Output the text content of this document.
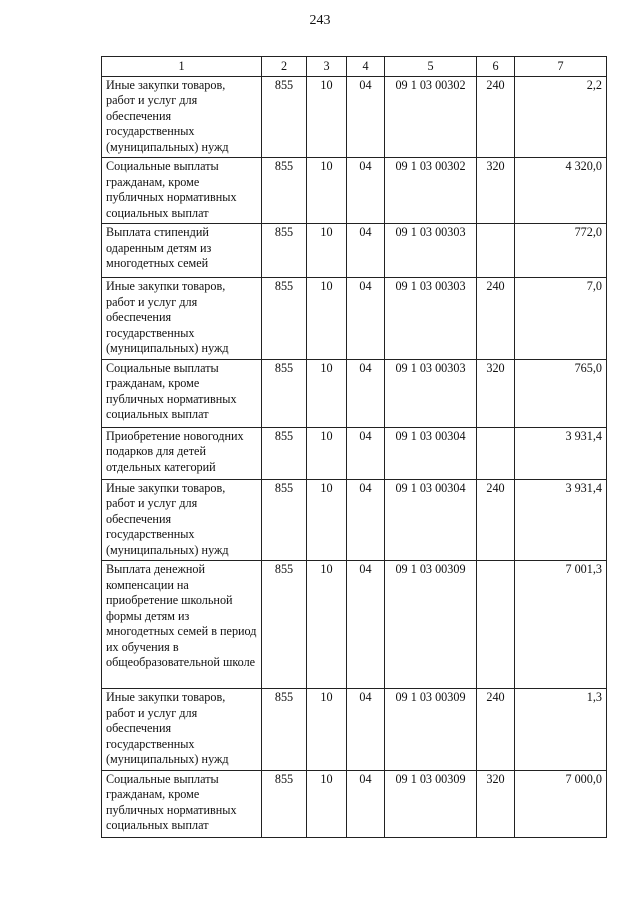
243
1	2	3	4	5	6	7
Иные закупки товаров, работ и услуг для обеспечения государственных (муниципальных) нужд	855	10	04	09 1 03 00302	240	2,2
Социальные выплаты гражданам, кроме публичных нормативных социальных выплат	855	10	04	09 1 03 00302	320	4 320,0
Выплата стипендий одаренным детям из многодетных семей	855	10	04	09 1 03 00303		772,0
Иные закупки товаров, работ и услуг для обеспечения государственных (муниципальных) нужд	855	10	04	09 1 03 00303	240	7,0
Социальные выплаты гражданам, кроме публичных нормативных социальных выплат	855	10	04	09 1 03 00303	320	765,0
Приобретение новогодних подарков для детей отдельных категорий	855	10	04	09 1 03 00304		3 931,4
Иные закупки товаров, работ и услуг для обеспечения государственных (муниципальных) нужд	855	10	04	09 1 03 00304	240	3 931,4
Выплата денежной компенсации на приобретение школьной формы детям из многодетных семей в период их обучения в общеобразовательной школе	855	10	04	09 1 03 00309		7 001,3
Иные закупки товаров, работ и услуг для обеспечения государственных (муниципальных) нужд	855	10	04	09 1 03 00309	240	1,3
Социальные выплаты гражданам, кроме публичных нормативных социальных выплат	855	10	04	09 1 03 00309	320	7 000,0
